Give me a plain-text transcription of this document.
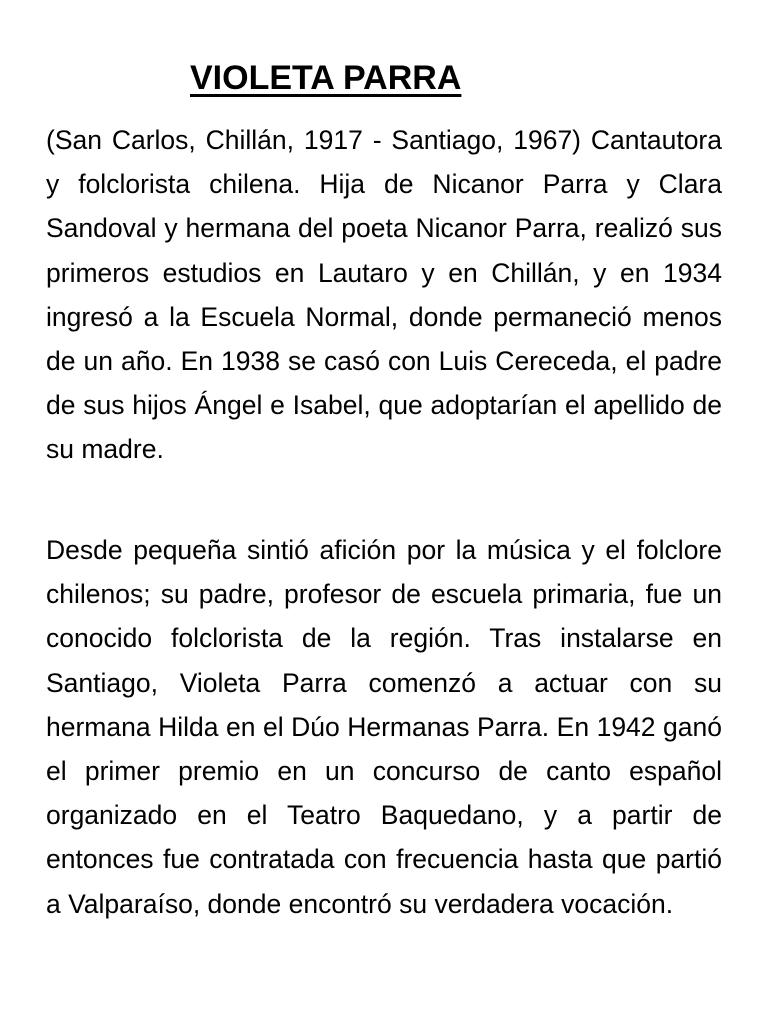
VIOLETA PARRA

(San Carlos, Chillán, 1917 - Santiago, 1967) Cantautora y folclorista chilena. Hija de Nicanor Parra y Clara Sandoval y hermana del poeta Nicanor Parra, realizó sus primeros estudios en Lautaro y en Chillán, y en 1934 ingresó a la Escuela Normal, donde permaneció menos de un año. En 1938 se casó con Luis Cereceda, el padre de sus hijos Ángel e Isabel, que adoptarían el apellido de su madre.

Desde pequeña sintió afición por la música y el folclore chilenos; su padre, profesor de escuela primaria, fue un conocido folclorista de la región. Tras instalarse en Santiago, Violeta Parra comenzó a actuar con su hermana Hilda en el Dúo Hermanas Parra. En 1942 ganó el primer premio en un concurso de canto español organizado en el Teatro Baquedano, y a partir de entonces fue contratada con frecuencia hasta que partió a Valparaíso, donde encontró su verdadera vocación.
